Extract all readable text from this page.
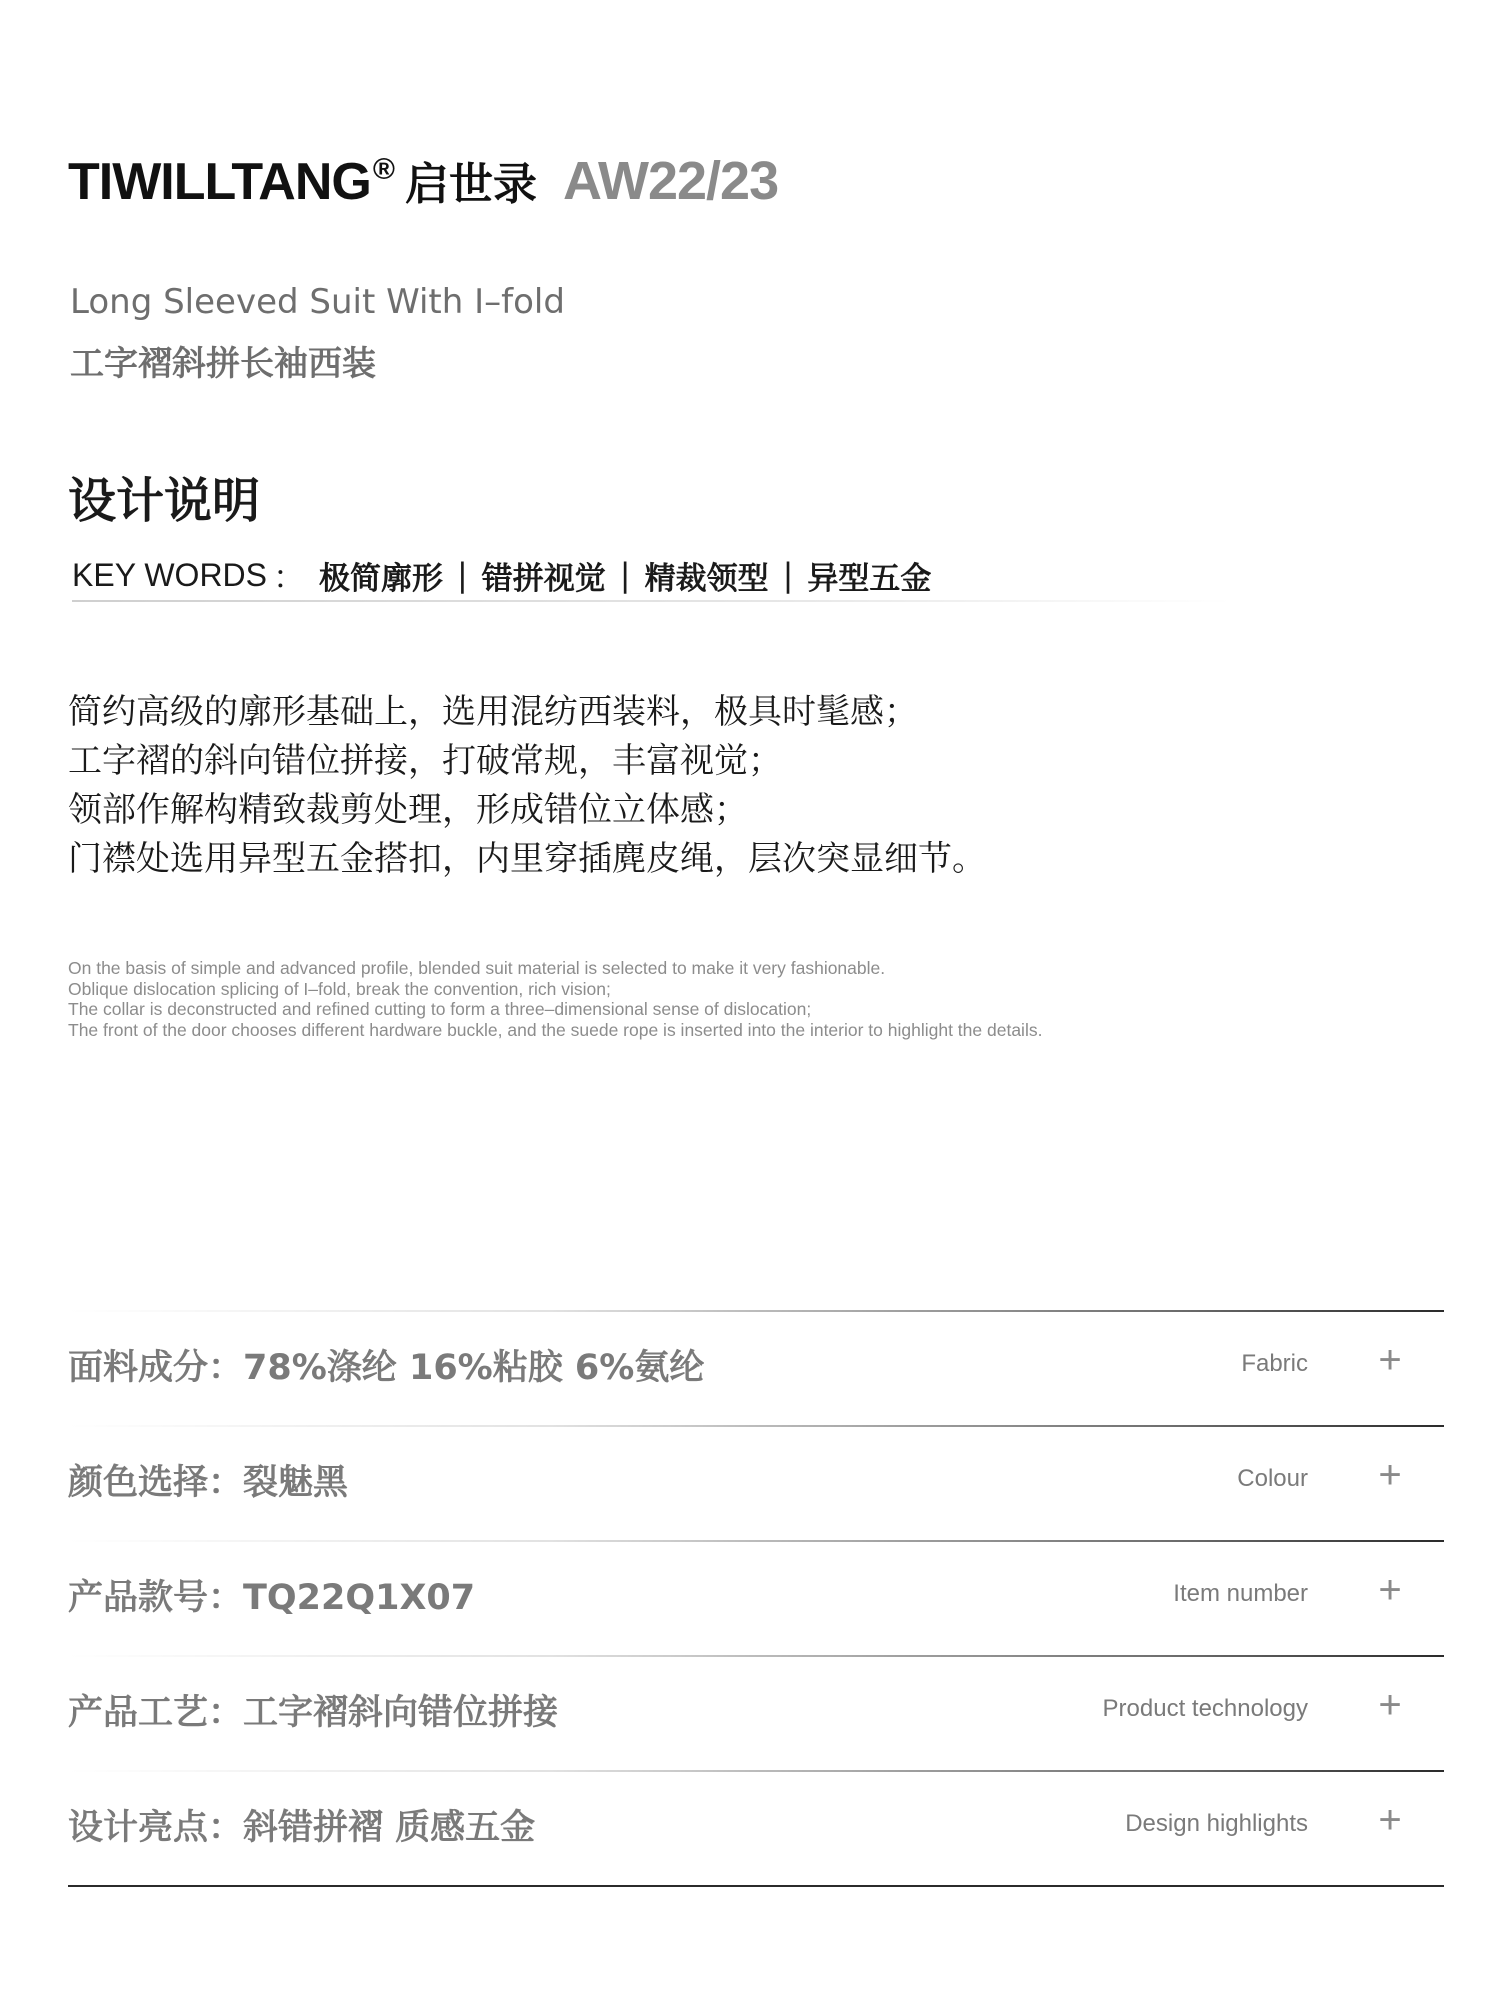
TIWILLTANG ® 启世录 AW22/23
Long Sleeved Suit With I–fold
工字褶斜拼长袖西装
设计说明
KEY WORDS ： 极简廓形 | 错拼视觉 | 精裁领型 | 异型五金
简约高级的廓形基础上，选用混纺西装料，极具时髦感；
工字褶的斜向错位拼接，打破常规，丰富视觉；
领部作解构精致裁剪处理，形成错位立体感；
门襟处选用异型五金搭扣，内里穿插麂皮绳，层次突显细节。
On the basis of simple and advanced profile, blended suit material is selected to make it very fashionable.
Oblique dislocation splicing of I–fold, break the convention, rich vision;
The collar is deconstructed and refined cutting to form a three–dimensional sense of dislocation;
The front of the door chooses different hardware buckle, and the suede rope is inserted into the interior to highlight the details.
面料成分：78%涤纶 16%粘胶 6%氨纶	Fabric +
颜色选择：裂魅黑	Colour +
产品款号：TQ22Q1X07	Item number +
产品工艺：工字褶斜向错位拼接	Product technology +
设计亮点：斜错拼褶 质感五金	Design highlights +
